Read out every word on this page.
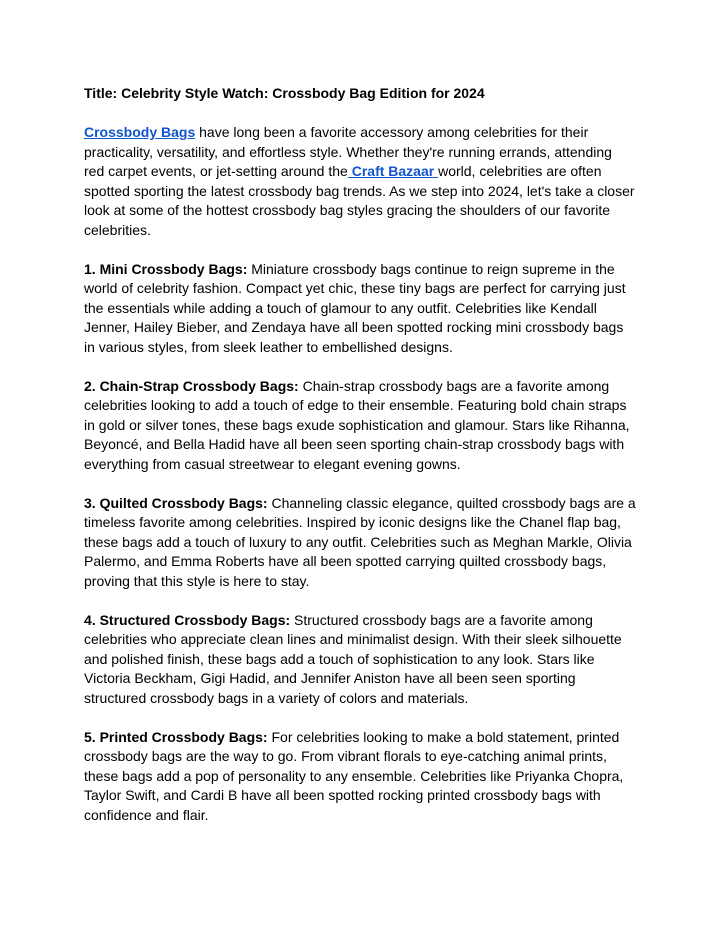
Title: Celebrity Style Watch: Crossbody Bag Edition for 2024

Crossbody Bags have long been a favorite accessory among celebrities for their practicality, versatility, and effortless style. Whether they're running errands, attending red carpet events, or jet-setting around the Craft Bazaar world, celebrities are often spotted sporting the latest crossbody bag trends. As we step into 2024, let's take a closer look at some of the hottest crossbody bag styles gracing the shoulders of our favorite celebrities.

1. Mini Crossbody Bags: Miniature crossbody bags continue to reign supreme in the world of celebrity fashion. Compact yet chic, these tiny bags are perfect for carrying just the essentials while adding a touch of glamour to any outfit. Celebrities like Kendall Jenner, Hailey Bieber, and Zendaya have all been spotted rocking mini crossbody bags in various styles, from sleek leather to embellished designs.

2. Chain-Strap Crossbody Bags: Chain-strap crossbody bags are a favorite among celebrities looking to add a touch of edge to their ensemble. Featuring bold chain straps in gold or silver tones, these bags exude sophistication and glamour. Stars like Rihanna, Beyoncé, and Bella Hadid have all been seen sporting chain-strap crossbody bags with everything from casual streetwear to elegant evening gowns.

3. Quilted Crossbody Bags: Channeling classic elegance, quilted crossbody bags are a timeless favorite among celebrities. Inspired by iconic designs like the Chanel flap bag, these bags add a touch of luxury to any outfit. Celebrities such as Meghan Markle, Olivia Palermo, and Emma Roberts have all been spotted carrying quilted crossbody bags, proving that this style is here to stay.

4. Structured Crossbody Bags: Structured crossbody bags are a favorite among celebrities who appreciate clean lines and minimalist design. With their sleek silhouette and polished finish, these bags add a touch of sophistication to any look. Stars like Victoria Beckham, Gigi Hadid, and Jennifer Aniston have all been seen sporting structured crossbody bags in a variety of colors and materials.

5. Printed Crossbody Bags: For celebrities looking to make a bold statement, printed crossbody bags are the way to go. From vibrant florals to eye-catching animal prints, these bags add a pop of personality to any ensemble. Celebrities like Priyanka Chopra, Taylor Swift, and Cardi B have all been spotted rocking printed crossbody bags with confidence and flair.
